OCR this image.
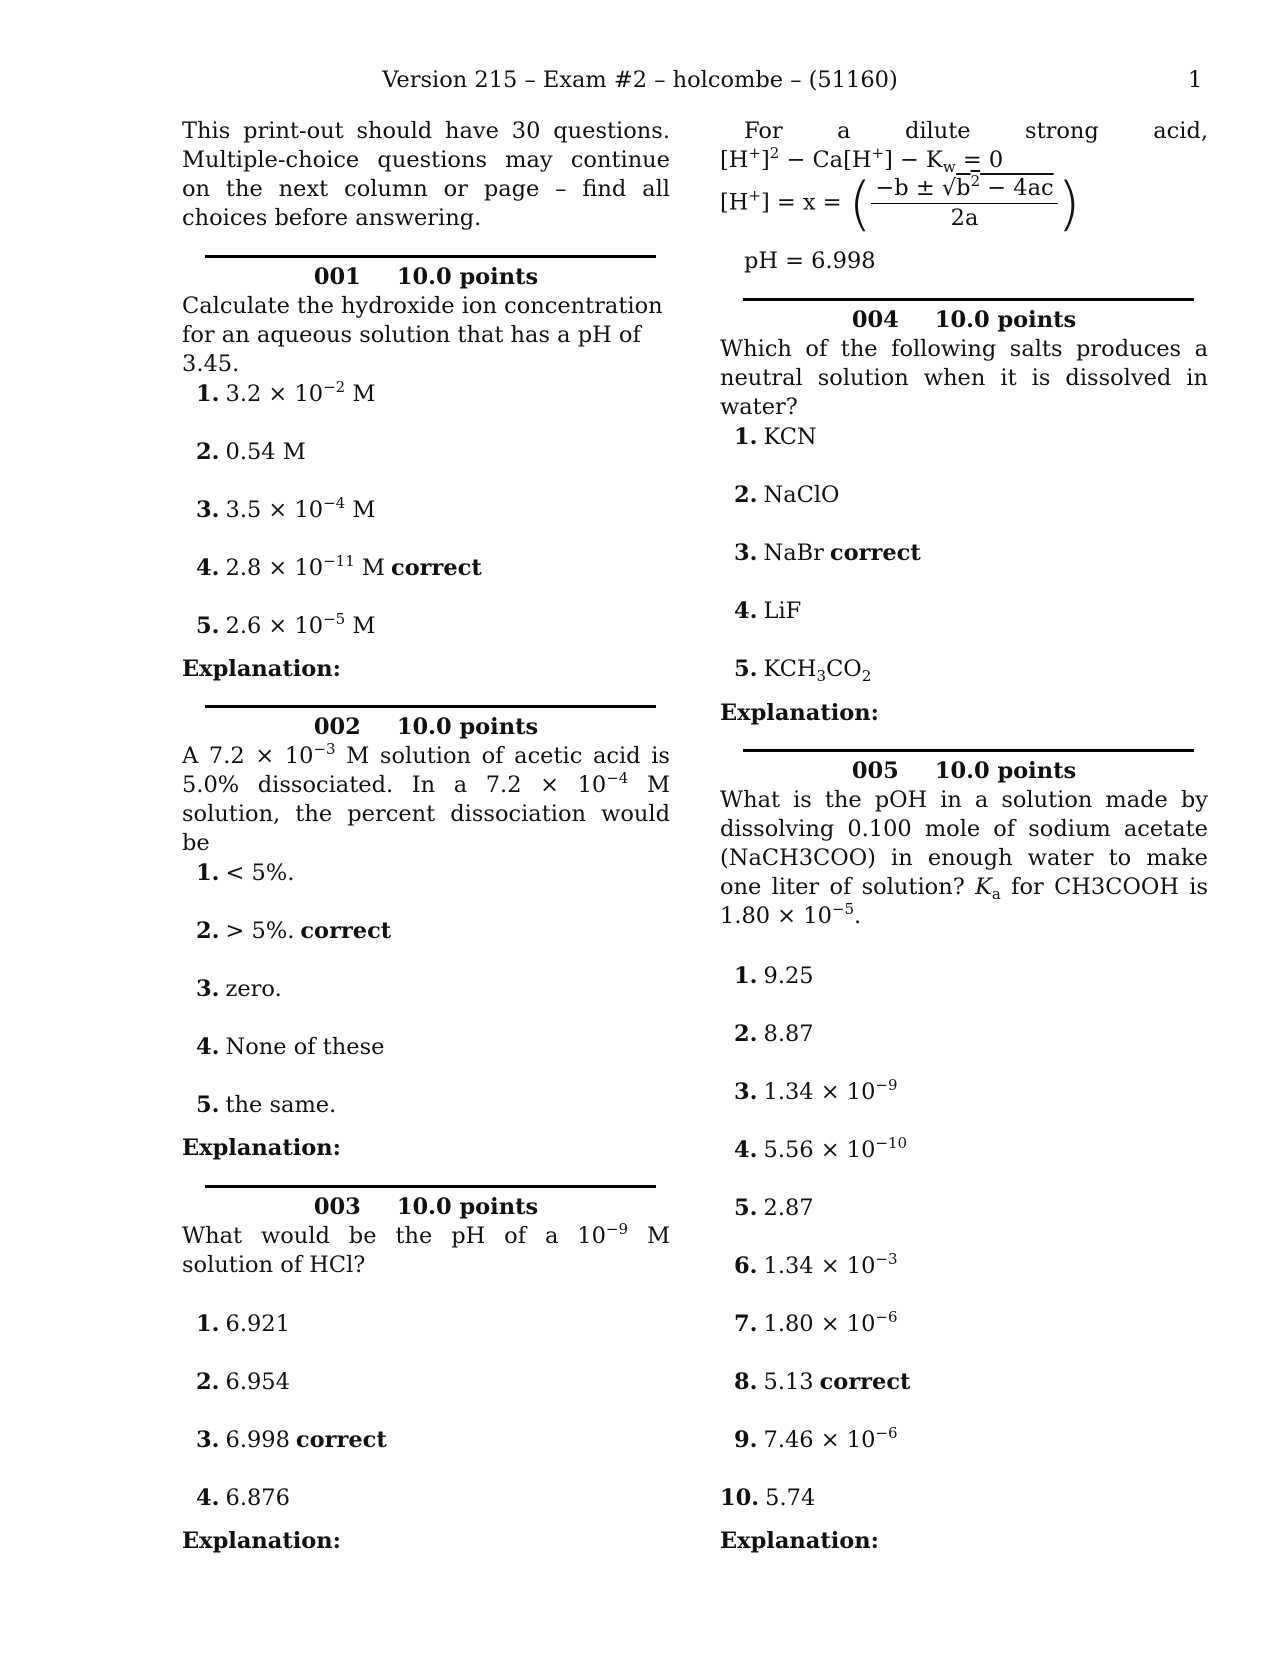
Version 215 – Exam #2 – holcombe – (51160)	1
This print-out should have 30 questions. Multiple-choice questions may continue on the next column or page – find all choices before answering.
001 10.0 points
Calculate the hydroxide ion concentration for an aqueous solution that has a pH of 3.45.
1. $3.2 \times 10^{-2}$ M
2. 0.54 M
3. $3.5 \times 10^{-4}$ M
4. $2.8 \times 10^{-11}$ M correct
5. $2.6 \times 10^{-5}$ M
Explanation:
002 10.0 points
A $7.2 \times 10^{-3}$ M solution of acetic acid is 5.0% dissociated. In a $7.2 \times 10^{-4}$ M solution, the percent dissociation would be
1. < 5%.
2. > 5%. correct
3. zero.
4. None of these
5. the same.
Explanation:
003 10.0 points
What would be the pH of a $10^{-9}$ M solution of HCl?
1. 6.921
2. 6.954
3. 6.998 correct
4. 6.876
Explanation:
For a dilute strong acid,
$[H^+]^2 - Ca[H^+] - K_w = 0$
[H+] = x = ( $\frac{-b \pm √b^2 - 4ac}{2a}$ )
pH = 6.998
004 10.0 points
Which of the following salts produces a neutral solution when it is dissolved in water?
1. KCN
2. NaClO
3. NaBr correct
4. LiF
5. $KCH_3CO_2$
Explanation:
005 10.0 points
What is the pOH in a solution made by dissolving 0.100 mole of sodium acetate (NaCH3COO) in enough water to make one liter of solution? $K_a$ for CH3COOH is $1.80 \times 10^{-5}$.
1. 9.25
2. 8.87
3. $1.34 \times 10^{-9}$
4. $5.56 \times 10^{-10}$
5. 2.87
6. $1.34 \times 10^{-3}$
7. $1.80 \times 10^{-6}$
8. 5.13 correct
9. $7.46 \times 10^{-6}$
10. 5.74
Explanation:
